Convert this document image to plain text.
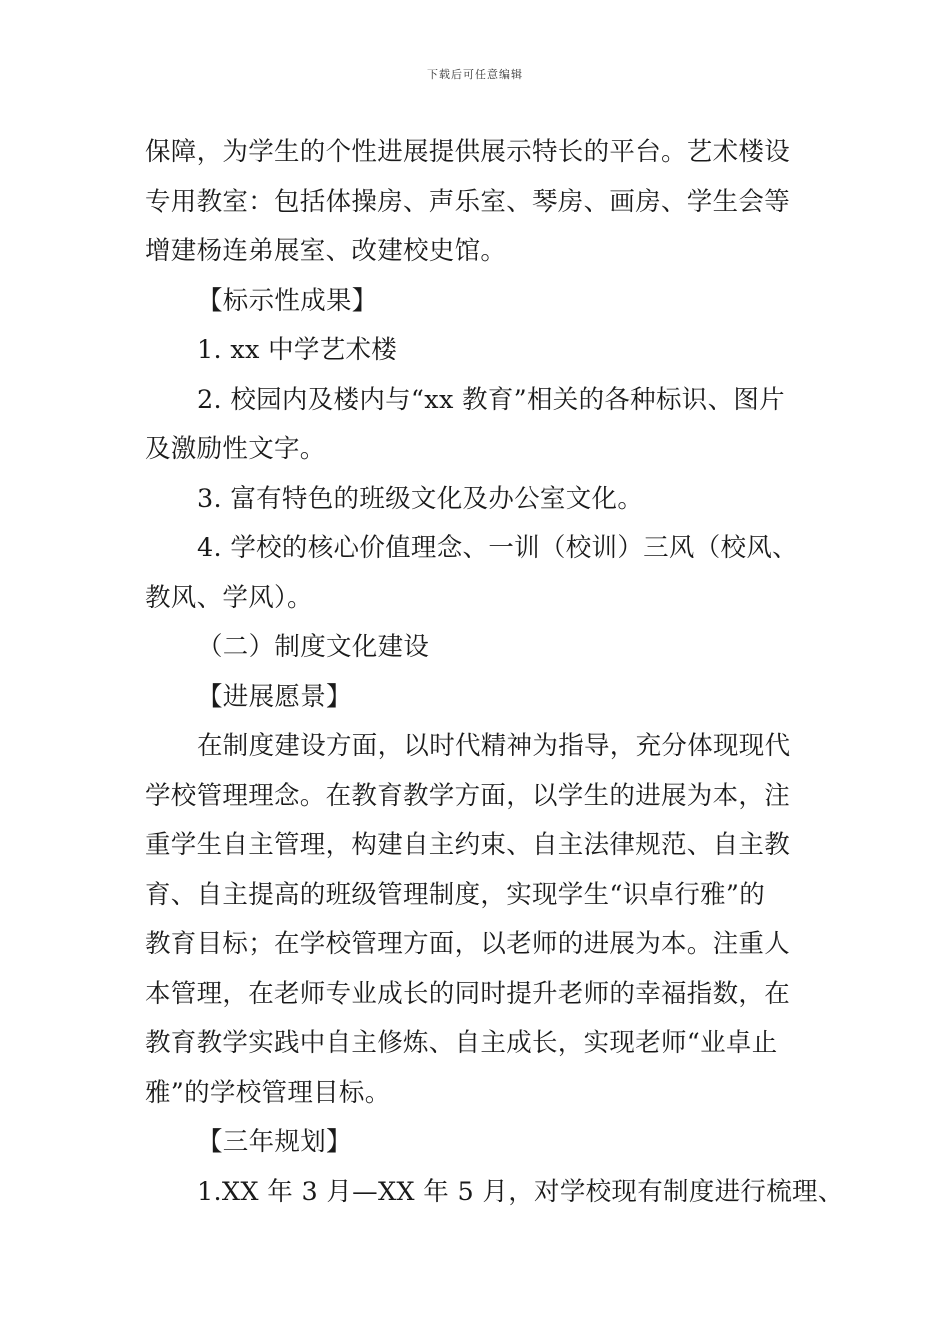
下载后可任意编辑
保障，为学生的个性进展提供展示特长的平台。艺术楼设
专用教室：包括体操房、声乐室、琴房、画房、学生会等
增建杨连弟展室、改建校史馆。
【标示性成果】
1. xx 中学艺术楼
2. 校园内及楼内与“xx 教育”相关的各种标识、图片
及激励性文字。
3. 富有特色的班级文化及办公室文化。
4. 学校的核心价值理念、一训（校训）三风（校风、
教风、学风）。
（二）制度文化建设
【进展愿景】
在制度建设方面，以时代精神为指导，充分体现现代
学校管理理念。在教育教学方面，以学生的进展为本，注
重学生自主管理，构建自主约束、自主法律规范、自主教
育、自主提高的班级管理制度，实现学生“识卓行雅”的
教育目标；在学校管理方面，以老师的进展为本。注重人
本管理，在老师专业成长的同时提升老师的幸福指数，在
教育教学实践中自主修炼、自主成长，实现老师“业卓止
雅”的学校管理目标。
【三年规划】
1.XX 年 3 月—XX 年 5 月，对学校现有制度进行梳理、
